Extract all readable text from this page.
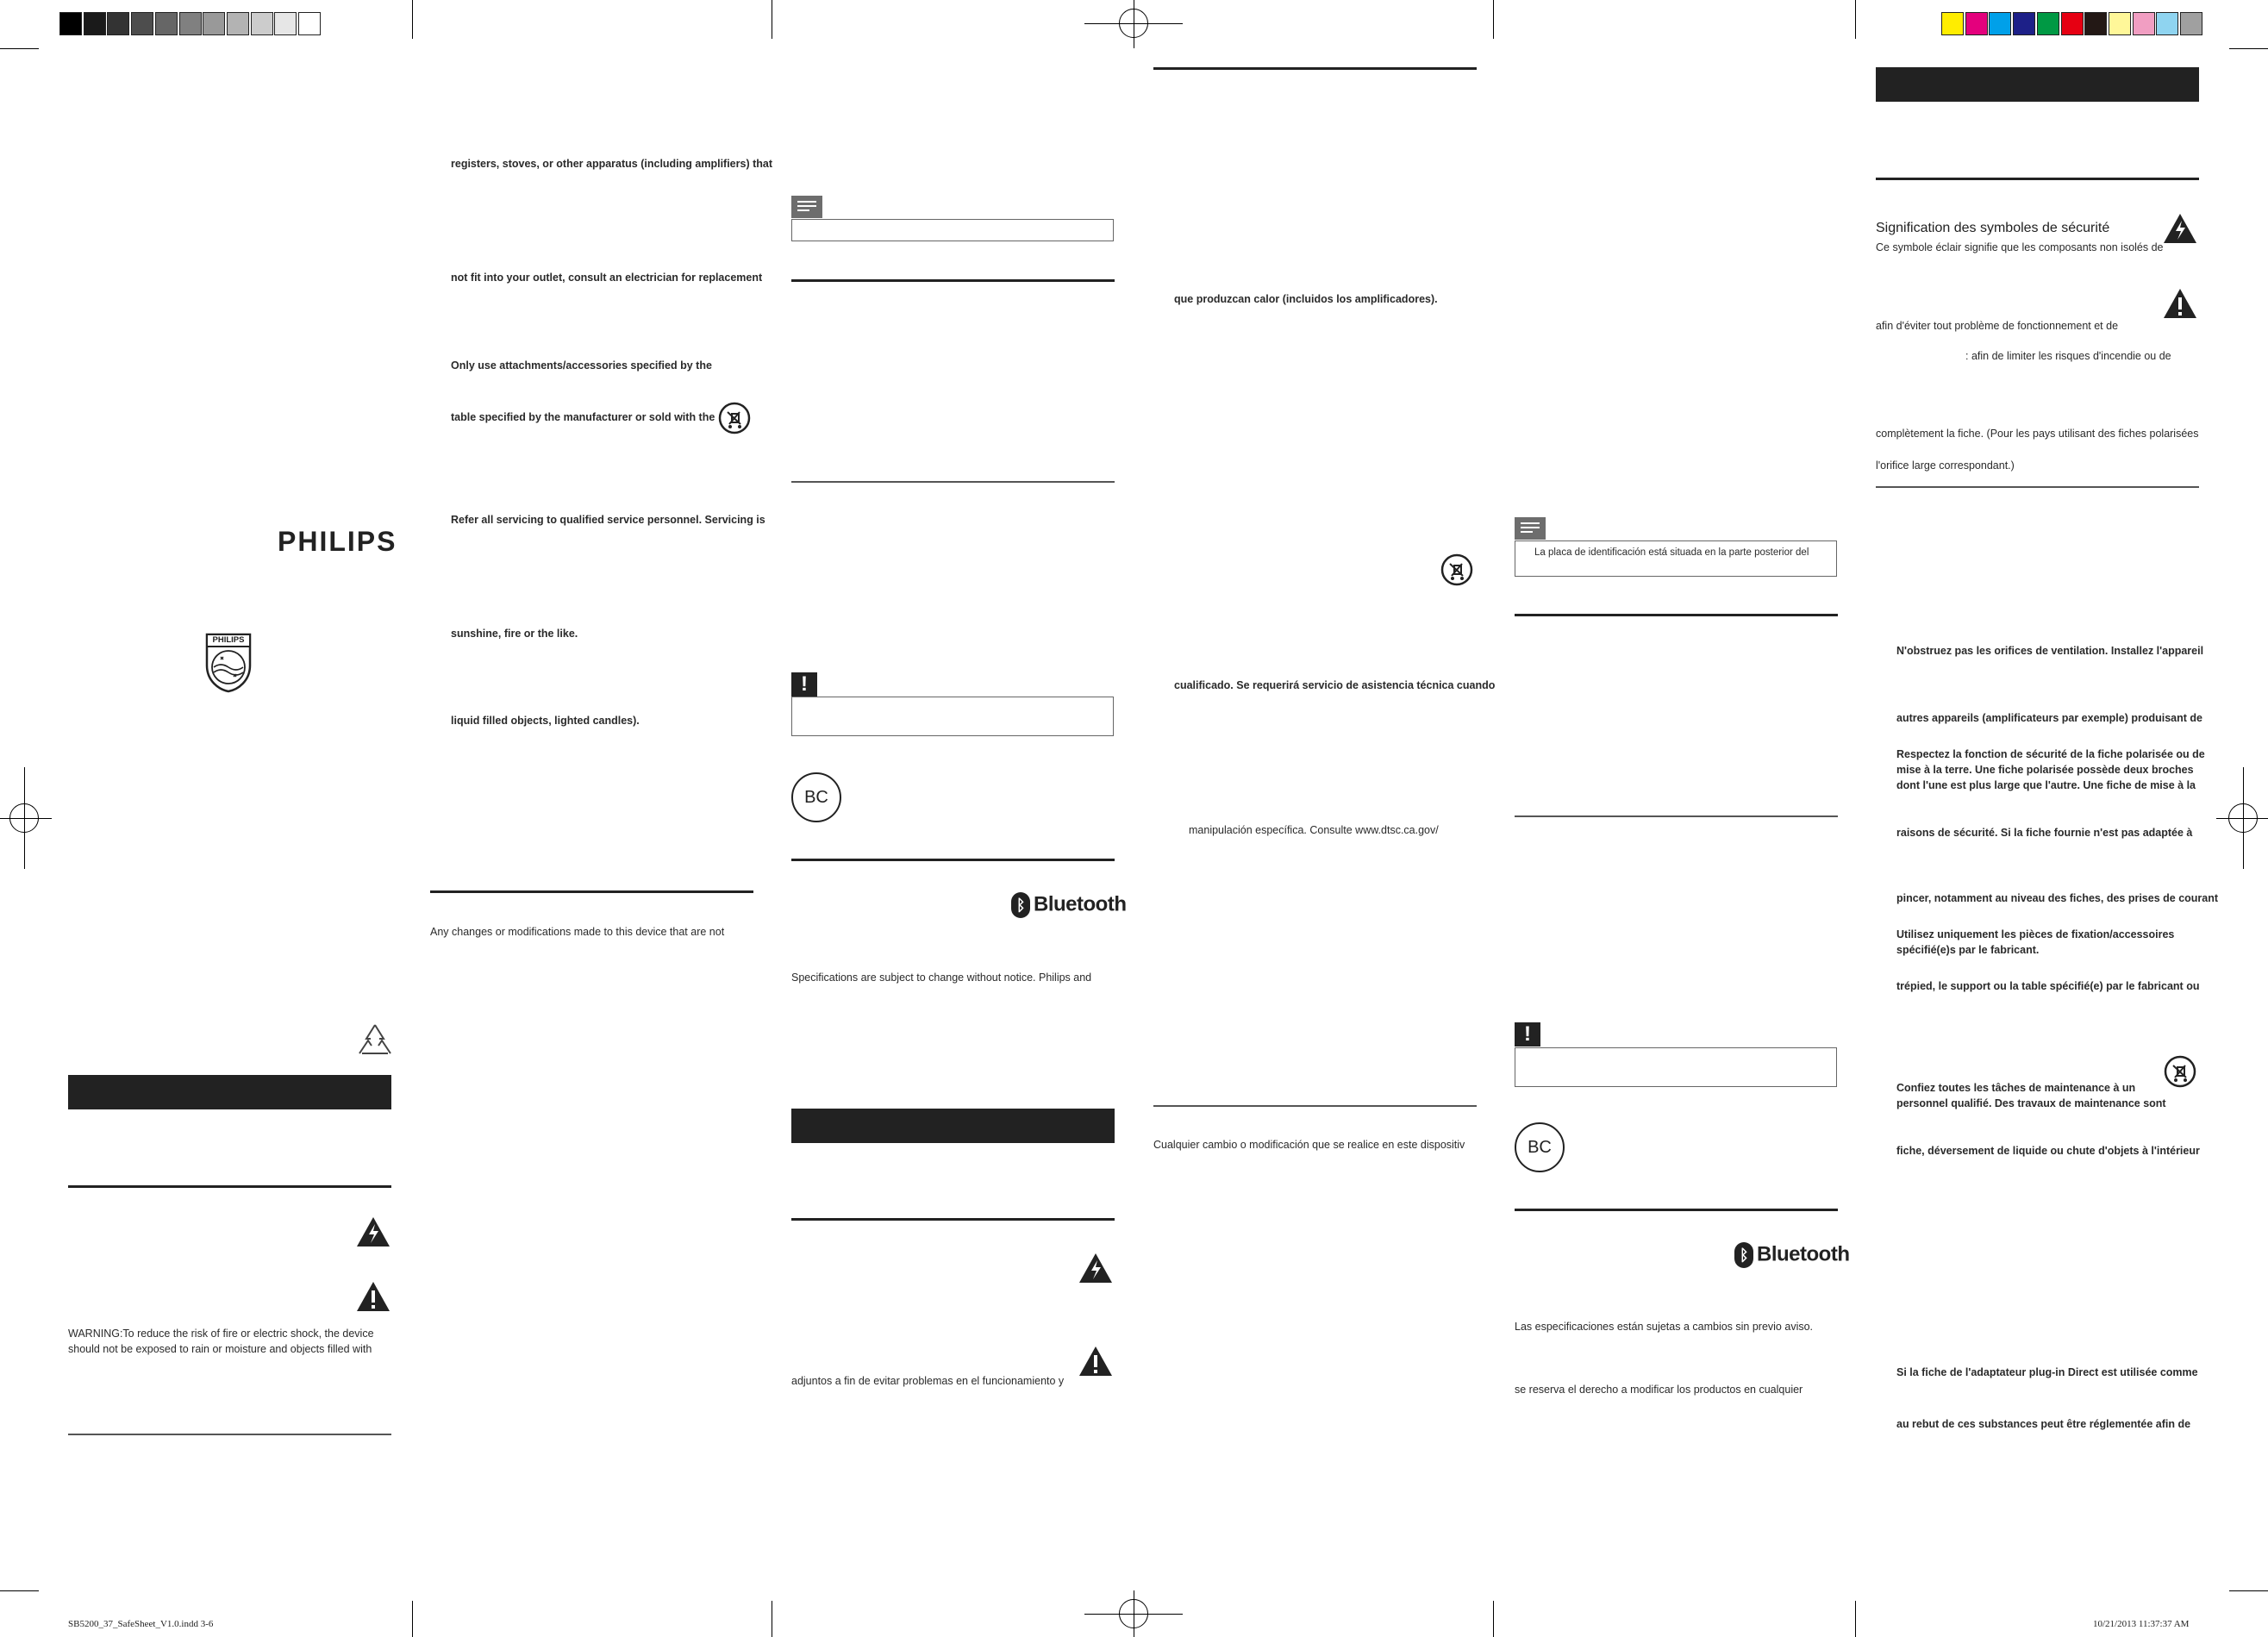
PHILIPS
PHILIPS
WARNING:To reduce the risk of fire or electric shock, the device
should not be exposed to rain or moisture and objects filled with
registers, stoves, or other apparatus (including amplifiers) that
not fit into your outlet, consult an electrician for replacement
Only use attachments/accessories specified by the
table specified by the manufacturer or sold with the
Refer all servicing to qualified service personnel. Servicing is
sunshine, fire or the like.
liquid filled objects, lighted candles).
Any changes or modifications made to this device that are not
!
BC
ᛒ Bluetooth
Specifications are subject to change without notice. Philips and
adjuntos a fin de evitar problemas en el funcionamiento y
que produzcan calor (incluidos los amplificadores).
cualificado. Se requerirá servicio de asistencia técnica cuando
manipulación específica. Consulte www.dtsc.ca.gov/
Cualquier cambio o modificación que se realice en este dispositiv
La placa de identificación está situada en la parte posterior del
!
BC
ᛒ Bluetooth
Las especificaciones están sujetas a cambios sin previo aviso.
se reserva el derecho a modificar los productos en cualquier
Signification des symboles de sécurité
Ce symbole éclair signifie que les composants non isolés de
afin d'éviter tout problème de fonctionnement et de
: afin de limiter les risques d'incendie ou de
complètement la fiche. (Pour les pays utilisant des fiches polarisées
l'orifice large correspondant.)
N'obstruez pas les orifices de ventilation. Installez l'appareil
autres appareils (amplificateurs par exemple) produisant de
Respectez la fonction de sécurité de la fiche polarisée ou de
mise à la terre. Une fiche polarisée possède deux broches
dont l'une est plus large que l'autre. Une fiche de mise à la
raisons de sécurité. Si la fiche fournie n'est pas adaptée à
pincer, notamment au niveau des fiches, des prises de courant
Utilisez uniquement les pièces de fixation/accessoires
spécifié(e)s par le fabricant.
trépied, le support ou la table spécifié(e) par le fabricant ou
Confiez toutes les tâches de maintenance à un
personnel qualifié. Des travaux de maintenance sont
fiche, déversement de liquide ou chute d'objets à l'intérieur
Si la fiche de l'adaptateur plug-in Direct est utilisée comme
au rebut de ces substances peut être réglementée afin de
SB5200_37_SafeSheet_V1.0.indd 3-6	10/21/2013 11:37:37 AM
